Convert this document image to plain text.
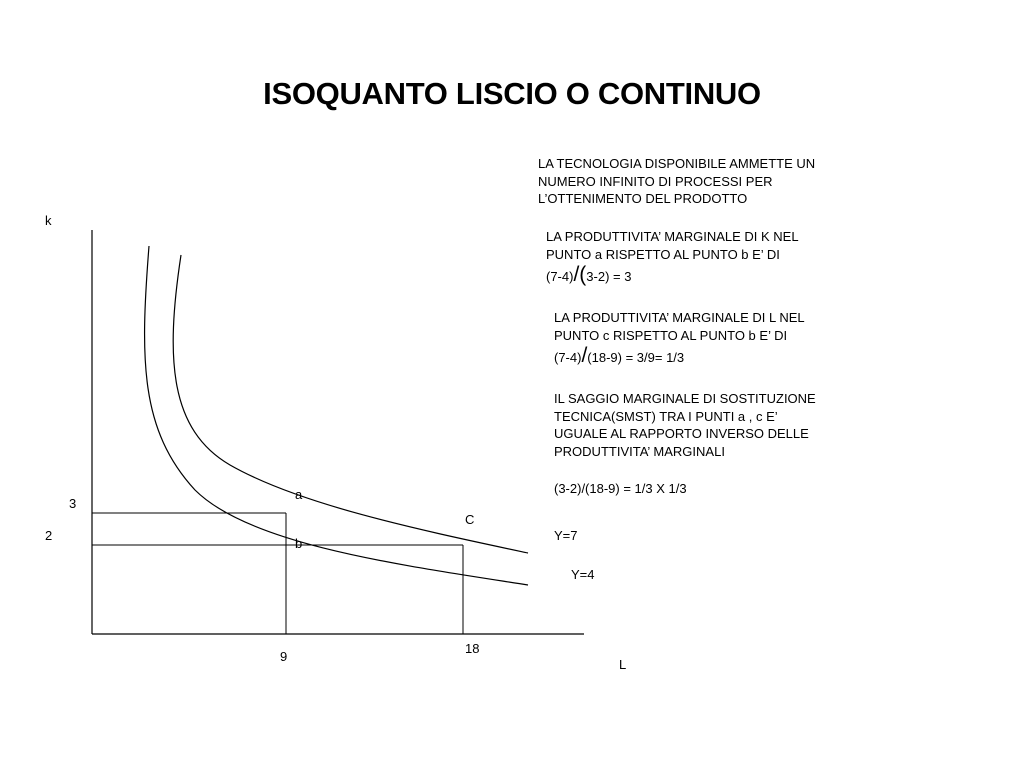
ISOQUANTO LISCIO O CONTINUO
k
L
3
2
9
18
a
b
C
Y=7
Y=4
LA TECNOLOGIA DISPONIBILE AMMETTE UN
NUMERO INFINITO DI PROCESSI PER
L’OTTENIMENTO DEL PRODOTTO
LA PRODUTTIVITA’ MARGINALE DI K NEL
PUNTO a RISPETTO AL PUNTO b E’ DI
(7-4)/(3-2) = 3
LA PRODUTTIVITA’ MARGINALE DI L NEL
PUNTO c RISPETTO AL PUNTO b E’ DI
(7-4)/(18-9) = 3/9= 1/3
IL SAGGIO MARGINALE DI SOSTITUZIONE
TECNICA(SMST) TRA I PUNTI a , c E’
UGUALE AL RAPPORTO INVERSO DELLE
PRODUTTIVITA’ MARGINALI
(3-2)/(18-9) = 1/3 X 1/3
